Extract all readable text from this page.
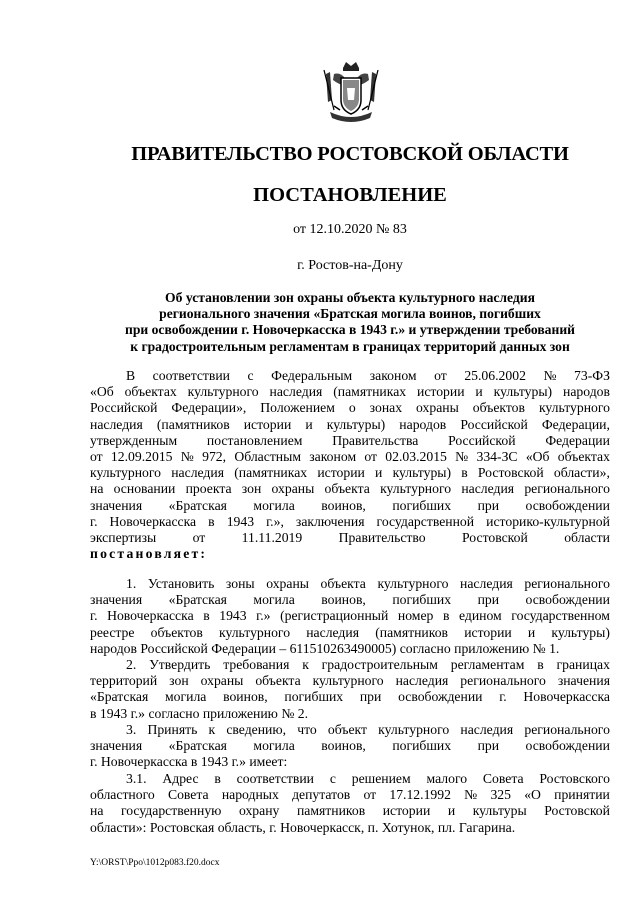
ПРАВИТЕЛЬСТВО РОСТОВСКОЙ ОБЛАСТИ
ПОСТАНОВЛЕНИЕ
от 12.10.2020 № 83
г. Ростов-на-Дону
Об установлении зон охраны объекта культурного наследия
регионального значения «Братская могила воинов, погибших
при освобождении г. Новочеркасска в 1943 г.» и утверждении требований
к градостроительным регламентам в границах территорий данных зон
В соответствии с Федеральным законом от 25.06.2002 № 73-ФЗ
«Об объектах культурного наследия (памятниках истории и культуры) народов
Российской Федерации», Положением о зонах охраны объектов культурного
наследия (памятников истории и культуры) народов Российской Федерации,
утвержденным постановлением Правительства Российской Федерации
от 12.09.2015 № 972, Областным законом от 02.03.2015 № 334-ЗС «Об объектах
культурного наследия (памятниках истории и культуры) в Ростовской области»,
на основании проекта зон охраны объекта культурного наследия регионального
значения «Братская могила воинов, погибших при освобождении
г. Новочеркасска в 1943 г.», заключения государственной историко-культурной
экспертизы	от	11.11.2019	Правительство	Ростовской	области
постановляет:
1. Установить зоны охраны объекта культурного наследия регионального
значения «Братская могила воинов, погибших при освобождении
г. Новочеркасска в 1943 г.» (регистрационный номер в едином государственном
реестре объектов культурного наследия (памятников истории и культуры)
народов Российской Федерации – 611510263490005) согласно приложению № 1.
2. Утвердить требования к градостроительным регламентам в границах
территорий зон охраны объекта культурного наследия регионального значения
«Братская могила воинов, погибших при освобождении г. Новочеркасска
в 1943 г.» согласно приложению № 2.
3. Принять к сведению, что объект культурного наследия регионального
значения «Братская могила воинов, погибших при освобождении
г. Новочеркасска в 1943 г.» имеет:
3.1. Адрес в соответствии с решением малого Совета Ростовского
областного Совета народных депутатов от 17.12.1992 № 325 «О принятии
на государственную охрану памятников истории и культуры Ростовской
области»: Ростовская область, г. Новочеркасск, п. Хотунок, пл. Гагарина.
Y:\ORST\Ppo\1012p083.f20.docx
